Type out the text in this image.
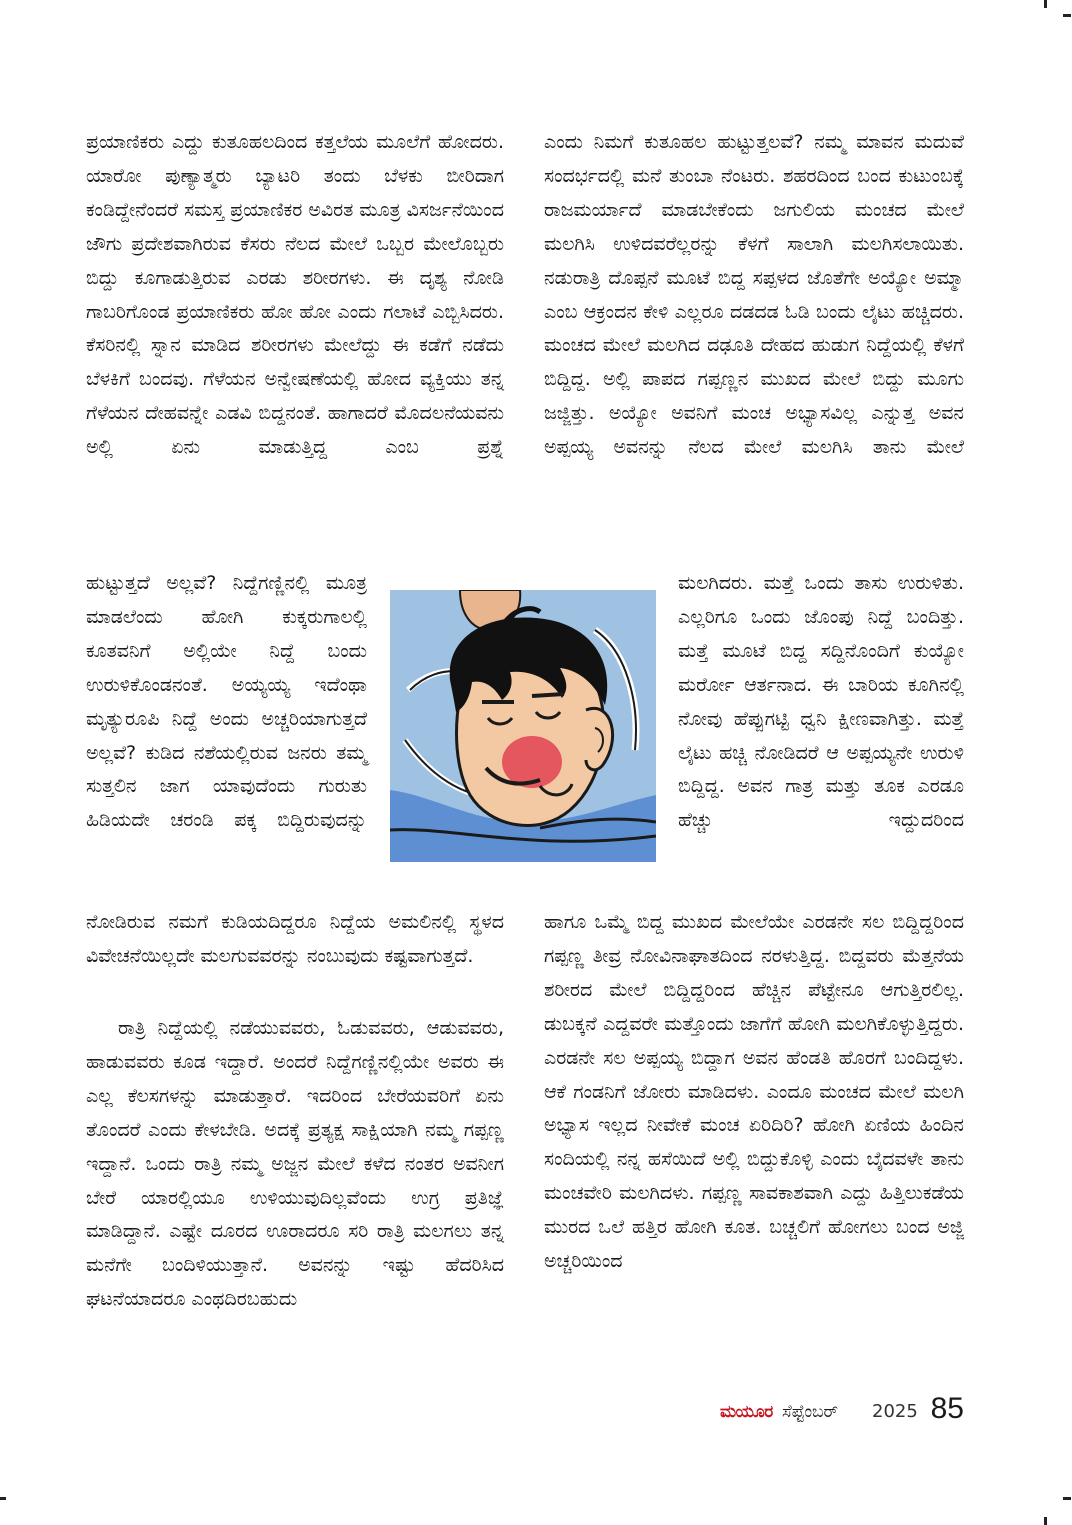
ಪ್ರಯಾಣಿಕರು ಎದ್ದು ಕುತೂಹಲದಿಂದ ಕತ್ತಲೆಯ ಮೂಲೆಗೆ ಹೋದರು. ಯಾರೋ ಪುಣ್ಯಾತ್ಮರು ಬ್ಯಾಟರಿ ತಂದು ಬೆಳಕು ಬೀರಿದಾಗ ಕಂಡಿದ್ದೇನೆಂದರೆ ಸಮಸ್ತ ಪ್ರಯಾಣಿಕರ ಅವಿರತ ಮೂತ್ರ ವಿಸರ್ಜನೆಯಿಂದ ಜೌಗು ಪ್ರದೇಶವಾಗಿರುವ ಕೆಸರು ನೆಲದ ಮೇಲೆ ಒಬ್ಬರ ಮೇಲೊಬ್ಬರು ಬಿದ್ದು ಕೂಗಾಡುತ್ತಿರುವ ಎರಡು ಶರೀರಗಳು. ಈ ದೃಶ್ಯ ನೋಡಿ ಗಾಬರಿಗೊಂಡ ಪ್ರಯಾಣಿಕರು ಹೋ ಹೋ ಎಂದು ಗಲಾಟೆ ಎಬ್ಬಿಸಿದರು. ಕೆಸರಿನಲ್ಲಿ ಸ್ನಾನ ಮಾಡಿದ ಶರೀರಗಳು ಮೇಲೆದ್ದು ಈ ಕಡೆಗೆ ನಡೆದು ಬೆಳಕಿಗೆ ಬಂದವು. ಗೆಳೆಯನ ಅನ್ವೇಷಣೆಯಲ್ಲಿ ಹೋದ ವ್ಯಕ್ತಿಯು ತನ್ನ ಗೆಳೆಯನ ದೇಹವನ್ನೇ ಎಡವಿ ಬಿದ್ದನಂತೆ. ಹಾಗಾದರೆ ಮೊದಲನೆಯವನು ಅಲ್ಲಿ ಏನು ಮಾಡುತ್ತಿದ್ದ ಎಂಬ ಪ್ರಶ್ನೆ

ಹುಟ್ಟುತ್ತದೆ ಅಲ್ಲವೆ? ನಿದ್ದೆಗಣ್ಣಿನಲ್ಲಿ ಮೂತ್ರ ಮಾಡಲೆಂದು ಹೋಗಿ ಕುಕ್ಕರುಗಾಲಲ್ಲಿ ಕೂತವನಿಗೆ ಅಲ್ಲಿಯೇ ನಿದ್ದೆ ಬಂದು ಉರುಳಿಕೊಂಡನಂತೆ. ಅಯ್ಯಯ್ಯ ಇದೆಂಥಾ ಮೃತ್ಯುರೂಪಿ ನಿದ್ದೆ ಅಂದು ಅಚ್ಚರಿಯಾಗುತ್ತದೆ ಅಲ್ಲವೆ? ಕುಡಿದ ನಶೆಯಲ್ಲಿರುವ ಜನರು ತಮ್ಮ ಸುತ್ತಲಿನ ಜಾಗ ಯಾವುದೆಂದು ಗುರುತು ಹಿಡಿಯದೇ ಚರಂಡಿ ಪಕ್ಕ ಬಿದ್ದಿರುವುದನ್ನು

ನೋಡಿರುವ ನಮಗೆ ಕುಡಿಯದಿದ್ದರೂ ನಿದ್ದೆಯ ಅಮಲಿನಲ್ಲಿ ಸ್ಥಳದ ವಿವೇಚನೆಯಿಲ್ಲದೇ ಮಲಗುವವರನ್ನು ನಂಬುವುದು ಕಷ್ಟವಾಗುತ್ತದೆ.

ರಾತ್ರಿ ನಿದ್ದೆಯಲ್ಲಿ ನಡೆಯುವವರು, ಓಡುವವರು, ಆಡುವವರು, ಹಾಡುವವರು ಕೂಡ ಇದ್ದಾರೆ. ಅಂದರೆ ನಿದ್ದೆಗಣ್ಣಿನಲ್ಲಿಯೇ ಅವರು ಈ ಎಲ್ಲ ಕೆಲಸಗಳನ್ನು ಮಾಡುತ್ತಾರೆ. ಇದರಿಂದ ಬೇರೆಯವರಿಗೆ ಏನು ತೊಂದರೆ ಎಂದು ಕೇಳಬೇಡಿ. ಅದಕ್ಕೆ ಪ್ರತ್ಯಕ್ಷ ಸಾಕ್ಷಿಯಾಗಿ ನಮ್ಮ ಗಪ್ಪಣ್ಣ ಇದ್ದಾನೆ. ಒಂದು ರಾತ್ರಿ ನಮ್ಮ ಅಜ್ಜನ ಮೇಲೆ ಕಳೆದ ನಂತರ ಅವನೀಗ ಬೇರೆ ಯಾರಲ್ಲಿಯೂ ಉಳಿಯುವುದಿಲ್ಲವೆಂದು ಉಗ್ರ ಪ್ರತಿಜ್ಞೆ ಮಾಡಿದ್ದಾನೆ. ಎಷ್ಟೇ ದೂರದ ಊರಾದರೂ ಸರಿ ರಾತ್ರಿ ಮಲಗಲು ತನ್ನ ಮನೆಗೇ ಬಂದಿಳಿಯುತ್ತಾನೆ. ಅವನನ್ನು ಇಷ್ಟು ಹೆದರಿಸಿದ ಘಟನೆಯಾದರೂ ಎಂಥದಿರಬಹುದು

ಎಂದು ನಿಮಗೆ ಕುತೂಹಲ ಹುಟ್ಟುತ್ತಲವೆ? ನಮ್ಮ ಮಾವನ ಮದುವೆ ಸಂದರ್ಭದಲ್ಲಿ ಮನೆ ತುಂಬಾ ನೆಂಟರು. ಶಹರದಿಂದ ಬಂದ ಕುಟುಂಬಕ್ಕೆ ರಾಜಮರ್ಯಾದೆ ಮಾಡಬೇಕೆಂದು ಜಗುಲಿಯ ಮಂಚದ ಮೇಲೆ ಮಲಗಿಸಿ ಉಳಿದವರೆಲ್ಲರನ್ನು ಕೆಳಗೆ ಸಾಲಾಗಿ ಮಲಗಿಸಲಾಯಿತು. ನಡುರಾತ್ರಿ ದೊಪ್ಪನೆ ಮೂಟೆ ಬಿದ್ದ ಸಪ್ಪಳದ ಜೊತೆಗೇ ಅಯ್ಯೋ ಅಮ್ಮಾ ಎಂಬ ಆಕ್ರಂದನ ಕೇಳಿ ಎಲ್ಲರೂ ದಡದಡ ಓಡಿ ಬಂದು ಲೈಟು ಹಚ್ಚಿದರು. ಮಂಚದ ಮೇಲೆ ಮಲಗಿದ ದಢೂತಿ ದೇಹದ ಹುಡುಗ ನಿದ್ದೆಯಲ್ಲಿ ಕೆಳಗೆ ಬಿದ್ದಿದ್ದ. ಅಲ್ಲಿ ಪಾಪದ ಗಪ್ಪಣ್ಣನ ಮುಖದ ಮೇಲೆ ಬಿದ್ದು ಮೂಗು ಜಜ್ಜಿತ್ತು. ಅಯ್ಯೋ ಅವನಿಗೆ ಮಂಚ ಅಭ್ಯಾಸವಿಲ್ಲ ಎನ್ನುತ್ತ ಅವನ ಅಪ್ಪಯ್ಯ ಅವನನ್ನು ನೆಲದ ಮೇಲೆ ಮಲಗಿಸಿ ತಾನು ಮೇಲೆ

ಮಲಗಿದರು. ಮತ್ತೆ ಒಂದು ತಾಸು ಉರುಳಿತು. ಎಲ್ಲರಿಗೂ ಒಂದು ಜೊಂಪು ನಿದ್ದೆ ಬಂದಿತ್ತು. ಮತ್ತೆ ಮೂಟೆ ಬಿದ್ದ ಸದ್ದಿನೊಂದಿಗೆ ಕುಯ್ಯೋ ಮರ್ರೋ ಆರ್ತನಾದ. ಈ ಬಾರಿಯ ಕೂಗಿನಲ್ಲಿ ನೋವು ಹೆಪ್ಪುಗಟ್ಟಿ ಧ್ವನಿ ಕ್ಷೀಣವಾಗಿತ್ತು. ಮತ್ತೆ ಲೈಟು ಹಚ್ಚಿ ನೋಡಿದರೆ ಆ ಅಪ್ಪಯ್ಯನೇ ಉರುಳಿ ಬಿದ್ದಿದ್ದ. ಅವನ ಗಾತ್ರ ಮತ್ತು ತೂಕ ಎರಡೂ ಹೆಚ್ಚು ಇದ್ದುದರಿಂದ

ಹಾಗೂ ಒಮ್ಮೆ ಬಿದ್ದ ಮುಖದ ಮೇಲೆಯೇ ಎರಡನೇ ಸಲ ಬಿದ್ದಿದ್ದರಿಂದ ಗಪ್ಪಣ್ಣ ತೀವ್ರ ನೋವಿನಾಘಾತದಿಂದ ನರಳುತ್ತಿದ್ದ. ಬಿದ್ದವರು ಮೆತ್ತನೆಯ ಶರೀರದ ಮೇಲೆ ಬಿದ್ದಿದ್ದರಿಂದ ಹೆಚ್ಚಿನ ಪೆಟ್ಟೇನೂ ಆಗುತ್ತಿರಲಿಲ್ಲ. ಡುಬಕ್ಕನೆ ಎದ್ದವರೇ ಮತ್ತೊಂದು ಜಾಗೆಗೆ ಹೋಗಿ ಮಲಗಿಕೊಳ್ಳುತ್ತಿದ್ದರು. ಎರಡನೇ ಸಲ ಅಪ್ಪಯ್ಯ ಬಿದ್ದಾಗ ಅವನ ಹೆಂಡತಿ ಹೊರಗೆ ಬಂದಿದ್ದಳು. ಆಕೆ ಗಂಡನಿಗೆ ಜೋರು ಮಾಡಿದಳು. ಎಂದೂ ಮಂಚದ ಮೇಲೆ ಮಲಗಿ ಅಭ್ಯಾಸ ಇಲ್ಲದ ನೀವೇಕೆ ಮಂಚ ಏರಿದಿರಿ? ಹೋಗಿ ಏಣಿಯ ಹಿಂದಿನ ಸಂದಿಯಲ್ಲಿ ನನ್ನ ಹಸೆಯಿದೆ ಅಲ್ಲಿ ಬಿದ್ದುಕೊಳ್ಳಿ ಎಂದು ಬೈದವಳೇ ತಾನು ಮಂಚವೇರಿ ಮಲಗಿದಳು. ಗಪ್ಪಣ್ಣ ಸಾವಕಾಶವಾಗಿ ಎದ್ದು ಹಿತ್ತಿಲುಕಡೆಯ ಮುರದ ಒಲೆ ಹತ್ತಿರ ಹೋಗಿ ಕೂತ. ಬಚ್ಚಲಿಗೆ ಹೋಗಲು ಬಂದ ಅಜ್ಜಿ ಅಚ್ಚರಿಯಿಂದ

ಮಯೂರ ಸೆಪ್ಟೆಂಬರ್ 2025 85
